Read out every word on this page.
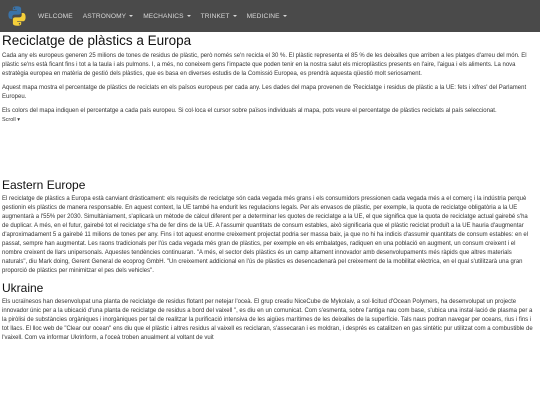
WELCOME ASTRONOMY	MECHANICS	TRINKET	MEDICINE
Reciclatge de plàstics a Europa

Cada any els europeus generen 25 milions de tones de residus de plàstic, però només se'n recicla el 30 %. El plàstic representa el 85 % de les deixalles que arriben a les platges d'arreu del món. El plàstic se'ns està ficant fins i tot a la taula i als pulmons. I, a més, no coneixem gens l'impacte que poden tenir en la nostra salut els microplàstics presents en l'aire, l'aigua i els aliments. La nova estratègia europea en matèria de gestió dels plàstics, que es basa en diverses estudis de la Comissió Europea, es prendrà aquesta qüestió molt seriosament.

Aquest mapa mostra el percentatge de plàstics de reciclats en els països europeus per cada any. Les dades del mapa provenen de 'Reciclatge i residus de plàstic a la UE: fets i xifres' del Parlament Europeu.

Els colors del mapa indiquen el percentatge a cada país europeu. Si col·loca el cursor sobre països individuals al mapa, pots veure el percentatge de plàstics reciclats al país seleccionat.

Scroll ▾
Eastern Europe

El reciclatge de plàstics a Europa està canviant dràsticament: els requisits de reciclatge són cada vegada més grans i els consumidors pressionen cada vegada més a el comerç i la indústria perquè gestionin els plàstics de manera responsable. En aquest context, la UE també ha endurit les regulacions legals. Per als envasos de plàstic, per exemple, la quota de reciclatge obligatòria a la UE augmentarà a l'55% per 2030. Simultàniament, s'aplicarà un mètode de càlcul diferent per a determinar les quotes de reciclatge a la UE, el que significa que la quota de reciclatge actual gairebé s'ha de duplicar. A més, en el futur, gairebé tot el reciclatge s'ha de fer dins de la UE. A l'assumir quantitats de consum estables, això significaria que el plàstic reciclat produït a la UE hauria d'augmentar d'aproximadament 5 a gairebé 11 milions de tones per any. Fins i tot aquest enorme creixement projectat podria ser massa baix, ja que no hi ha indicis d'assumir quantitats de consum estables: en el passat, sempre han augmentat. Les raons tradicionals per l'ús cada vegada més gran de plàstics, per exemple en els embalatges, radiquen en una població en augment, un consum creixent i el nombre creixent de llars unipersonals. Aquestes tendències continuaran. "A més, el sector dels plàstics és un camp altament innovador amb desenvolupaments més ràpids que altres materials naturals", diu Mark doing, Gerent General de ecoprog GmbH. "Un creixement addicional en l'ús de plàstics es desencadenarà pel creixement de la mobilitat elèctrica, en el qual s'utilitzarà una gran proporció de plàstics per minimitzar el pes dels vehicles".

Ukraine

Els ucraïnesos han desenvolupat una planta de reciclatge de residus flotant per netejar l'oceà. El grup creatiu NiceCube de Mykolaiv, a sol·licitud d'Ocean Polymers, ha desenvolupat un projecte innovador únic per a la ubicació d'una planta de reciclatge de residus a bord del vaixell ", es diu en un comunicat. Com s'esmenta, sobre l'antiga nau com base, s'ubica una instal·lació de plasma per a la piròlisi de substàncies orgàniques i inorgàniques per tal de realitzar la purificació intensiva de les aigües marítimes de les deixalles de la superfície. Tals naus podran navegar per oceans, rius i fins i tot llacs. El lloc web de "Clear our ocean" ens diu que el plàstic i altres residus al vaixell es reciclaran, s'assecaran i es moldran, i després es catalitzen en gas sintètic pur utilitzat com a combustible de l'vaixell. Com va informar Ukrinform, a l'oceà troben anualment al voltant de vuit
